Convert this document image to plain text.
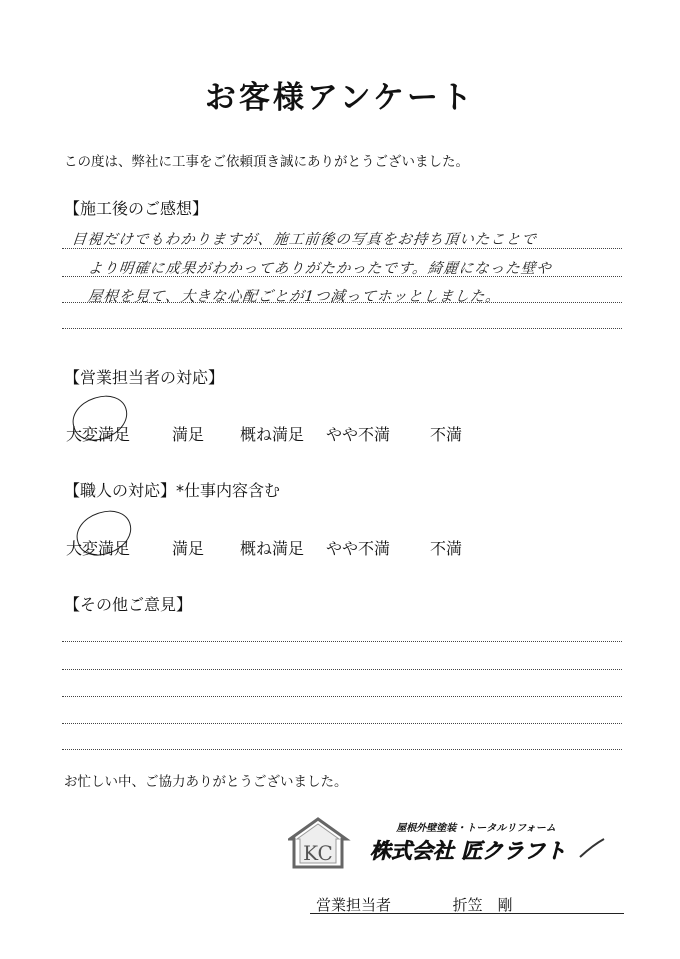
お客様アンケート
この度は、弊社に工事をご依頼頂き誠にありがとうございました。
【施工後のご感想】
目視だけでもわかりますが、施工前後の写真をお持ち頂いたことで
より明確に成果がわかってありがたかったです。綺麗になった壁や
屋根を見て、大きな心配ごとが1つ減ってホッとしました。
【営業担当者の対応】
大変満足	満足 概ね満足 やや不満 不満
【職人の対応】*仕事内容含む
大変満足	満足 概ね満足 やや不満 不満
【その他ご意見】
お忙しい中、ご協力ありがとうございました。
KC
屋根外壁塗装・トータルリフォーム
株式会社 匠クラフト
営業担当者	折笠　剛
